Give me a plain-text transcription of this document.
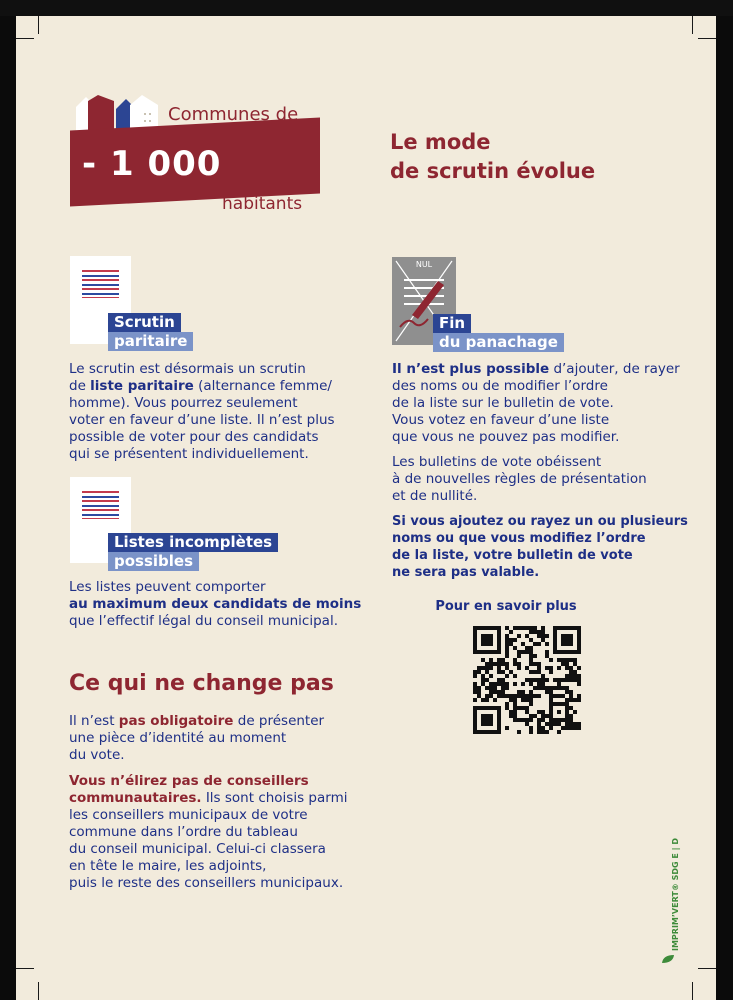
- 1 000
Communes de
habitants
Le mode
de scrutin évolue
Scrutin
paritaire

Le scrutin est désormais un scrutin

de liste paritaire (alternance femme/

homme). Vous pourrez seulement

voter en faveur d’une liste. Il n’est plus

possible de voter pour des candidats

qui se présentent individuellement.

Listes incomplètes
possibles

Les listes peuvent comporter

au maximum deux candidats de moins

que l’effectif légal du conseil municipal.

NUL
Fin
du panachage

Il n’est plus possible d’ajouter, de rayer

des noms ou de modifier l’ordre

de la liste sur le bulletin de vote.

Vous votez en faveur d’une liste

que vous ne pouvez pas modifier.

Les bulletins de vote obéissent

à de nouvelles règles de présentation

et de nullité.

Si vous ajoutez ou rayez un ou plusieurs

noms ou que vous modifiez l’ordre

de la liste, votre bulletin de vote

ne sera pas valable.

Pour en savoir plus
Ce qui ne change pas

Il n’est pas obligatoire de présenter

une pièce d’identité au moment

du vote.

Vous n’élirez pas de conseillers

communautaires. Ils sont choisis parmi

les conseillers municipaux de votre

commune dans l’ordre du tableau

du conseil municipal. Celui-ci classera

en tête le maire, les adjoints,

puis le reste des conseillers municipaux.	IMPRIM’VERT® SDG E | D
